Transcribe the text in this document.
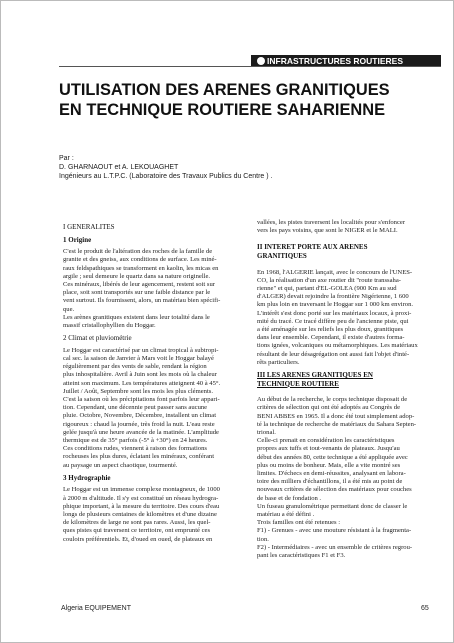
INFRASTRUCTURES ROUTIERES
UTILISATION DES ARENES GRANITIQUES
EN TECHNIQUE ROUTIERE SAHARIENNE
Par :
D. GHARNAOUT et A. LEKOUAGHET
Ingénieurs au L.T.P.C. (Laboratoire des Travaux Publics du Centre ) .
I GENERALITES
1 Origine

C'est le produit de l'altération des roches de la famille de
granite et des gneiss, aux conditions de surface. Les miné-
raux feldspathiques se transforment en kaolin, les micas en
argile ; seul demeure le quartz dans sa nature originelle.
Ces minéraux, libérés de leur agencement, restent soit sur
place, soit sont transportés sur une faible distance par le
vent surtout. Ils fournissent, alors, un matériau bien spécifi-
que.
Les arènes granitiques existent dans leur totalité dans le
massif cristallophyllien du Hoggar.

2 Climat et pluviométrie

Le Hoggar est caractérisé par un climat tropical à subtropi-
cal sec. la saison de Janvier à Mars voit le Hoggar balayé
régulièrement par des vents de sable, rendant la région
plus inhospitalière. Avril à Juin sont les mois où la chaleur
atteint son maximum. Les températures atteignent 40 à 45°.
Juillet / Août, Septembre sont les mois les plus cléments.
C'est la saison où les précipitations font parfois leur appari-
tion. Cependant, une décennie peut passer sans aucune
pluie. Octobre, Novembre, Décembre, installent un climat
rigoureux : chaud la journée, très froid la nuit. L'eau reste
gelée jusqu'à une heure avancée de la matinée. L'amplitude
thermique est de 35° parfois (-5° à +30°) en 24 heures.
Ces conditions rudes, viennent à raison des formations
rocheuses les plus dures, éclatant les minéraux, conférant
au paysage un aspect chaotique, tourmenté.

3 Hydrographie

Le Hoggar est un immense complexe montagneux, de 1000
à 2000 m d'altitude. Il s'y est constitué un réseau hydrogra-
phique important, à la mesure du territoire. Des cours d'eau
longs de plusieurs centaines de kilomètres et d'une dizaine
de kilomètres de large ne sont pas rares. Aussi, les quel-
ques pistes qui traversent ce territoire, ont emprunté ces
couloirs préférentiels. Et, d'oued en oued, de plateaux en

vallées, les pistes traversent les localités pour s'enfoncer
vers les pays voisins, que sont le NIGER et le MALI.

II INTERET PORTE AUX ARENES
GRANITIQUES

En 1968, l'ALGERIE lançait, avec le concours de l'UNES-
CO, la réalisation d'un axe routier dit "route transsaha-
rienne" et qui, partant d'EL-GOLEA (900 Km au sud
d'ALGER) devait rejoindre la frontière Nigérienne, 1 600
km plus loin en traversant le Hoggar sur 1 000 km environ.
L'intérêt s'est donc porté sur les matériaux locaux, à proxi-
mité du tracé. Ce tracé diffère peu de l'ancienne piste, qui
a été aménagée sur les reliefs les plus doux, granitiques
dans leur ensemble. Cependant, il existe d'autres forma-
tions ignées, volcaniques ou métamorphiques. Les matériaux
résultant de leur désagrégation ont aussi fait l'objet d'inté-
rêts particuliers.

III LES ARENES GRANITIQUES EN
TECHNIQUE ROUTIERE

Au début de la recherche, le corps technique disposait de
critères de sélection qui ont été adoptés au Congrès de
BENI ABBES en 1965. Il a donc été tout simplement adop-
té la technique de recherche de matériaux du Sahara Septen-
trional.
Celle-ci prenait en considération les caractéristiques
propres aux tuffs et tout-venants de plateaux. Jusqu'au
début des années 80, cette technique a été appliquée avec
plus ou moins de bonheur. Mais, elle a vite montré ses
limites. D'échecs en demi-réussites, analysant en labora-
toire des milliers d'échantillons, il a été mis au point de
nouveaux critères de sélection des matériaux pour couches
de base et de fondation .
Un fuseau granulométrique permettant donc de classer le
matériau a été défini .
Trois familles ont été retenues :
F1) - Grenues - avec une mouture résistant à la fragmenta-
tion.
F2) - Intermédiaires - avec un ensemble de critères regrou-
pant les caractéristiques F1 et F3.

Algeria EQUIPEMENT	65
